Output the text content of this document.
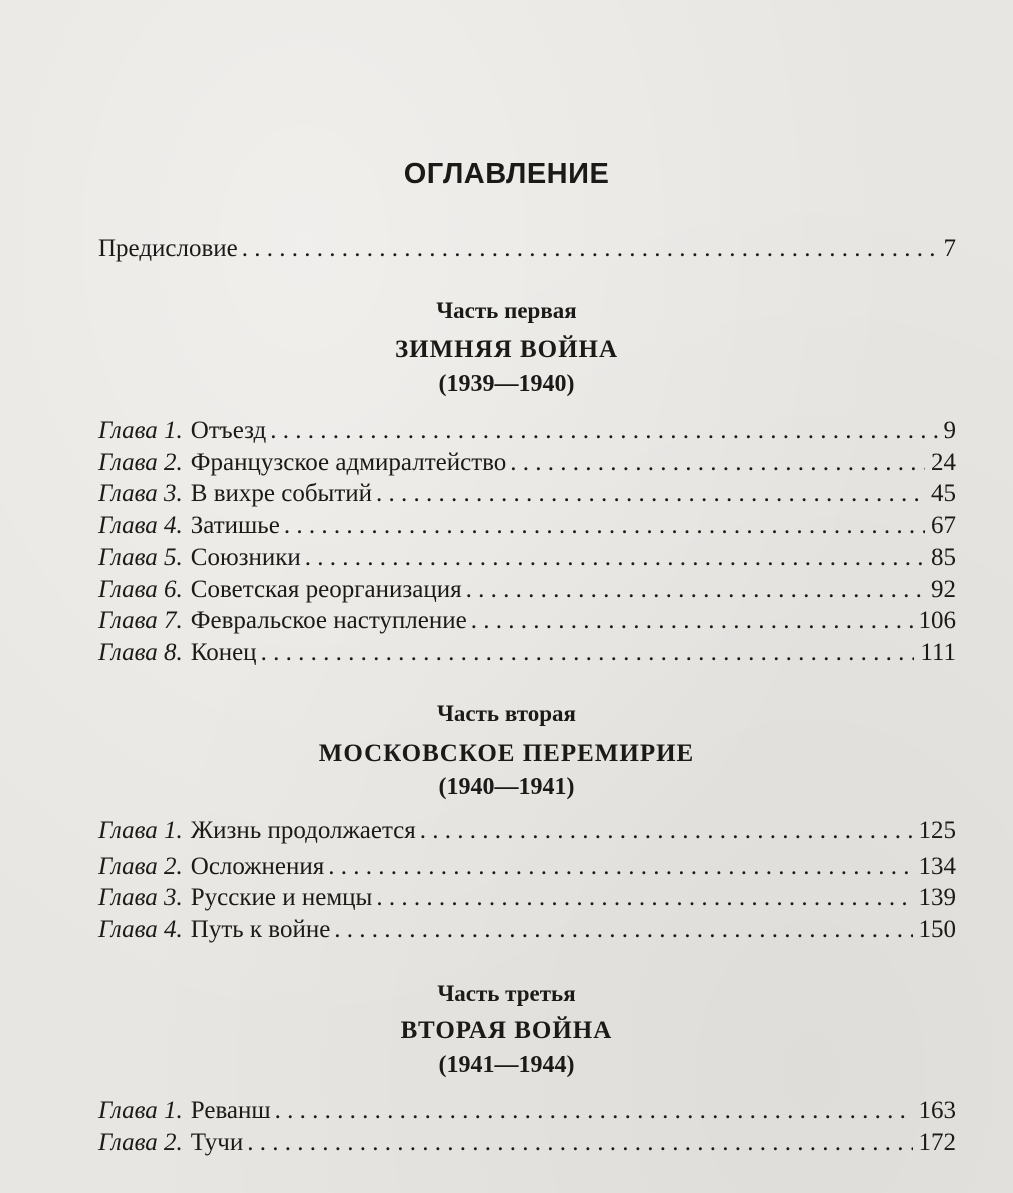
ОГЛАВЛЕНИЕ
Предисловие . . .	7
Часть первая
ЗИМНЯЯ ВОЙНА
(1939—1940)
Глава 1. Отъезд . . .	9
Глава 2. Французское адмиралтейство . . .	24
Глава 3. В вихре событий . . .	45
Глава 4. Затишье . . .	67
Глава 5. Союзники . . .	85
Глава 6. Советская реорганизация . . .	92
Глава 7. Февральское наступление . . .	106
Глава 8. Конец . . .	111
Часть вторая
МОСКОВСКОЕ ПЕРЕМИРИЕ
(1940—1941)
Глава 1. Жизнь продолжается . . .	125
Глава 2. Осложнения . . .	134
Глава 3. Русские и немцы . . .	139
Глава 4. Путь к войне . . .	150
Часть третья
ВТОРАЯ ВОЙНА
(1941—1944)
Глава 1. Реванш . . .	163
Глава 2. Тучи . . .	172
